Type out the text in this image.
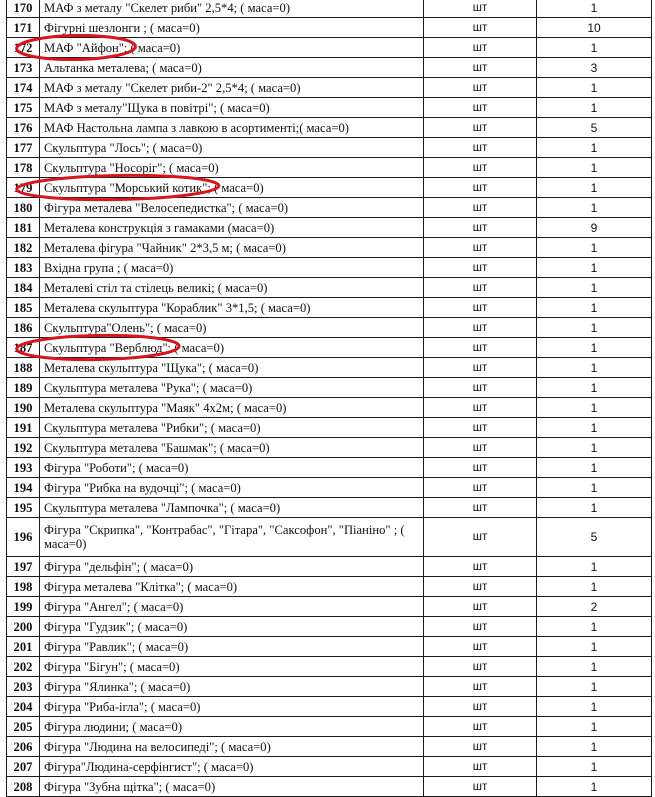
170	МАФ з металу "Скелет риби" 2,5*4; ( маса=0)	шт	1
171	Фігурні шезлонги ; ( маса=0)	шт	10
172	МАФ "Айфон"; ( маса=0)	шт	1
173	Альтанка металева; ( маса=0)	шт	3
174	МАФ з металу "Скелет риби-2" 2,5*4; ( маса=0)	шт	1
175	МАФ з металу"Щука в повітрі"; ( маса=0)	шт	1
176	МАФ Настольна лампа з лавкою в асортименті;( маса=0)	шт	5
177	Скульптура "Лось"; ( маса=0)	шт	1
178	Скульптура "Носоріг"; ( маса=0)	шт	1
179	Скульптура "Морський котик"; ( маса=0)	шт	1
180	Фігура металева "Велосепедистка"; ( маса=0)	шт	1
181	Металева конструкція з гамаками (маса=0)	шт	9
182	Металева фігура "Чайник" 2*3,5 м; ( маса=0)	шт	1
183	Вхідна група ; ( маса=0)	шт	1
184	Металеві стіл та стілець великі; ( маса=0)	шт	1
185	Металева скульптура "Кораблик" 3*1,5; ( маса=0)	шт	1
186	Скульптура"Олень"; ( маса=0)	шт	1
187	Скульптура "Верблюд"; ( маса=0)	шт	1
188	Металева скульптура "Щука"; ( маса=0)	шт	1
189	Скульптура металева "Рука"; ( маса=0)	шт	1
190	Металева скульптура "Маяк" 4х2м; ( маса=0)	шт	1
191	Скульптура металева "Рибки"; ( маса=0)	шт	1
192	Скульптура металева "Башмак"; ( маса=0)	шт	1
193	Фігура "Роботи"; ( маса=0)	шт	1
194	Фігура "Рибка на вудочці"; ( маса=0)	шт	1
195	Скульптура металева "Лампочка"; ( маса=0)	шт	1
196	Фігура "Скрипка", "Контрабас", "Гітара", "Саксофон", "Піаніно" ; ( маса=0)	шт	5
197	Фігура "дельфін"; ( маса=0)	шт	1
198	Фігура металева "Клітка"; ( маса=0)	шт	1
199	Фігура "Ангел"; ( маса=0)	шт	2
200	Фігура "Гудзик"; ( маса=0)	шт	1
201	Фігура "Равлик"; ( маса=0)	шт	1
202	Фігура "Бігун"; ( маса=0)	шт	1
203	Фігура "Ялинка"; ( маса=0)	шт	1
204	Фігура "Риба-ігла"; ( маса=0)	шт	1
205	Фігура людини; ( маса=0)	шт	1
206	Фігура "Людина на велосипеді"; ( маса=0)	шт	1
207	Фігура"Людина-серфінгист"; ( маса=0)	шт	1
208	Фігура "Зубна щітка"; ( маса=0)	шт	1
